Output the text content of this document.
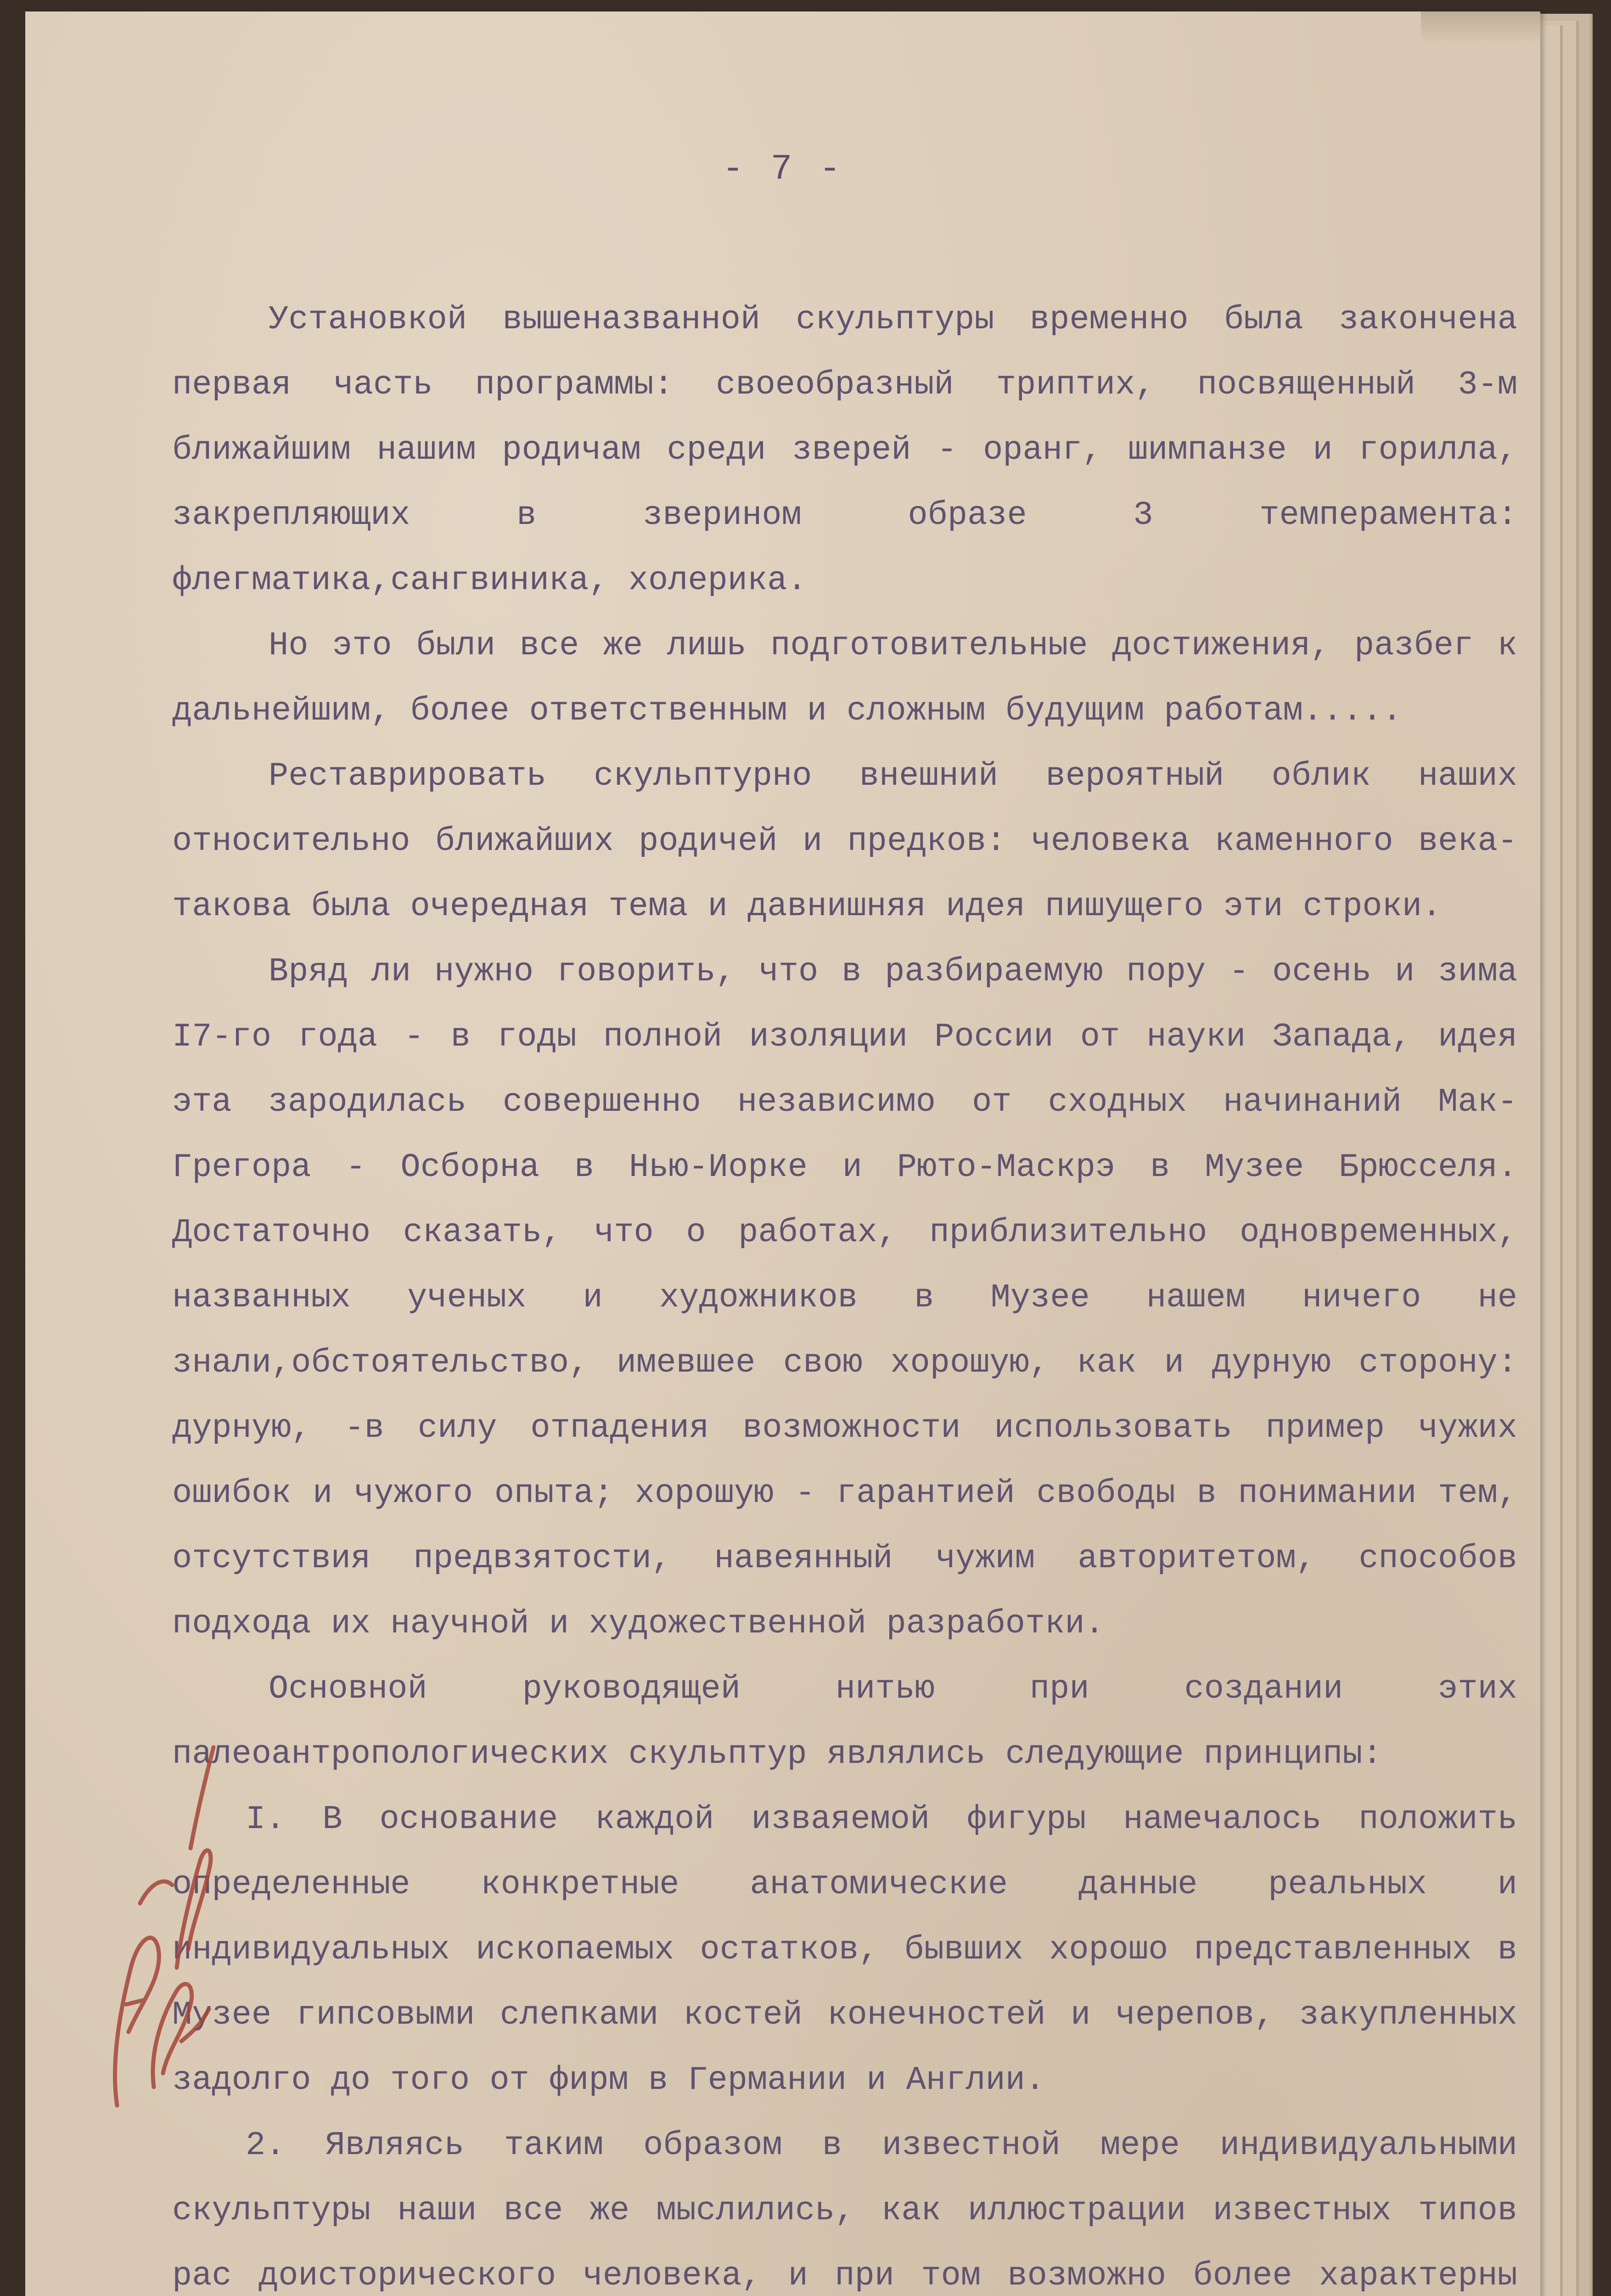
- 7 -

Установкой вышеназванной скульптуры временно была закончена первая часть программы: своеобразный триптих, посвященный 3-м ближайшим нашим родичам среди зверей - оранг, шимпанзе и горилла, закрепляющих в зверином образе 3 темперамента: флегматика,сангвиника, холерика.

Но это были все же лишь подготовительные достижения, разбег к дальнейшим, более ответственным и сложным будущим работам.....

Реставрировать скульптурно внешний вероятный облик наших относительно ближайших родичей и предков: человека каменного века-такова была очередная тема и давнишняя идея пишущего эти строки.

Вряд ли нужно говорить, что в разбираемую пору - осень и зима I7-го года - в годы полной изоляции России от науки Запада, идея эта зародилась совершенно независимо от сходных начинаний Мак-Грегора - Осборна в Нью-Иорке и Рюто-Маскрэ в Музее Брюсселя. Достаточно сказать, что о работах, приблизительно одновременных, названных ученых и художников в Музее нашем ничего не знали,обстоятельство, имевшее свою хорошую, как и дурную сторону: дурную, -в силу отпадения возможности использовать пример чужих ошибок и чужого опыта; хорошую - гарантией свободы в понимании тем, отсутствия предвзятости, навеянный чужим авторитетом, способов подхода их научной и художественной разработки.

Основной руководящей нитью при создании этих палеоантропологических скульптур являлись следующие принципы:

I. В основание каждой изваяемой фигуры намечалось положить определенные конкретные анатомические данные реальных и индивидуальных ископаемых остатков, бывших хорошо представленных в Музее гипсовыми слепками костей конечностей и черепов, закупленных задолго до того от фирм в Германии и Англии.

2. Являясь таким образом в известной мере индивидуальными скульптуры наши все же мыслились, как иллюстрации известных типов рас доисторического человека, и при том возможно более характерны
